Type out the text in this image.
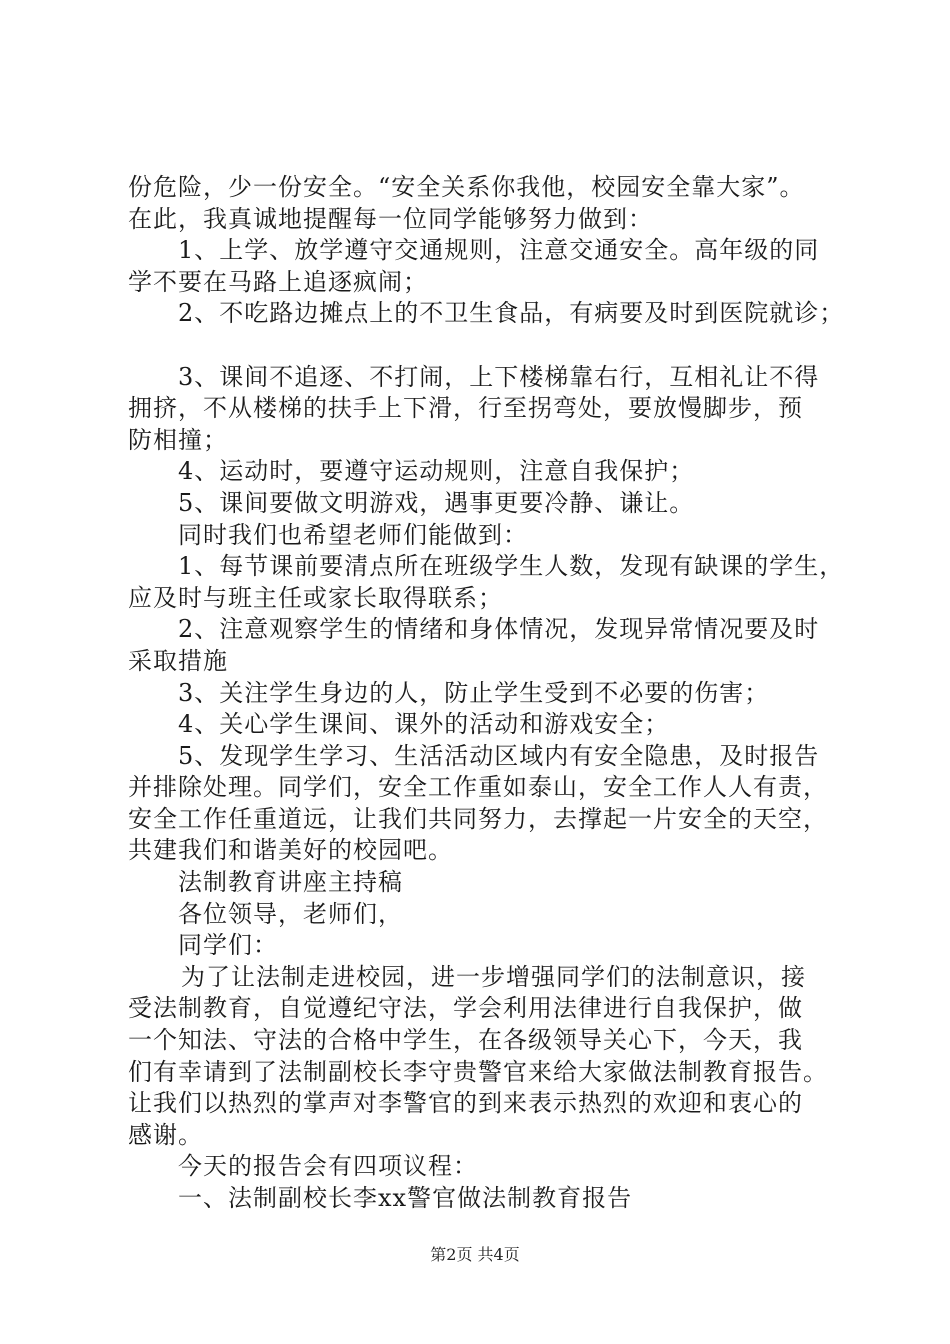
份危险，少一份安全。“安全关系你我他，校园安全靠大家”。
在此，我真诚地提醒每一位同学能够努力做到：
1、上学、放学遵守交通规则，注意交通安全。高年级的同
学不要在马路上追逐疯闹；
2、不吃路边摊点上的不卫生食品，有病要及时到医院就诊；
3、课间不追逐、不打闹，上下楼梯靠右行，互相礼让不得
拥挤，不从楼梯的扶手上下滑，行至拐弯处，要放慢脚步，预
防相撞；
4、运动时，要遵守运动规则，注意自我保护；
5、课间要做文明游戏，遇事更要冷静、谦让。
同时我们也希望老师们能做到：
1、每节课前要清点所在班级学生人数，发现有缺课的学生，
应及时与班主任或家长取得联系；
2、注意观察学生的情绪和身体情况，发现异常情况要及时
采取措施
3、关注学生身边的人，防止学生受到不必要的伤害；
4、关心学生课间、课外的活动和游戏安全；
5、发现学生学习、生活活动区域内有安全隐患，及时报告
并排除处理。同学们，安全工作重如泰山，安全工作人人有责，
安全工作任重道远，让我们共同努力，去撑起一片安全的天空，
共建我们和谐美好的校园吧。
法制教育讲座主持稿
各位领导，老师们，
同学们：
为了让法制走进校园，进一步增强同学们的法制意识，接
受法制教育，自觉遵纪守法，学会利用法律进行自我保护，做
一个知法、守法的合格中学生，在各级领导关心下，今天，我
们有幸请到了法制副校长李守贵警官来给大家做法制教育报告。
让我们以热烈的掌声对李警官的到来表示热烈的欢迎和衷心的
感谢。
今天的报告会有四项议程：
一、法制副校长李xx警官做法制教育报告
第2页 共4页
